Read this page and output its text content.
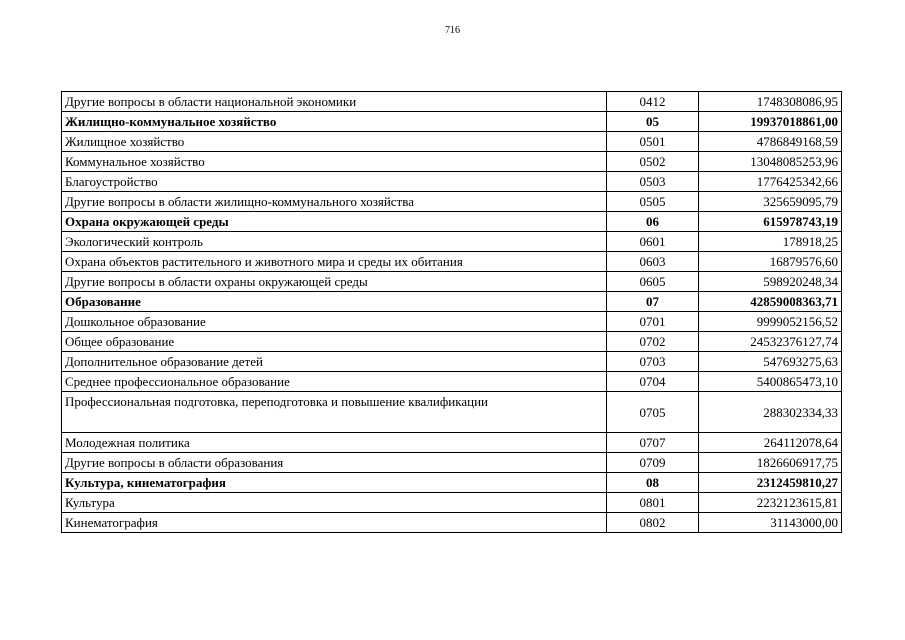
716
Другие вопросы в области национальной экономики	0412	1748308086,95
Жилищно-коммунальное хозяйство	05	19937018861,00
Жилищное хозяйство	0501	4786849168,59
Коммунальное хозяйство	0502	13048085253,96
Благоустройство	0503	1776425342,66
Другие вопросы в области жилищно-коммунального хозяйства	0505	325659095,79
Охрана окружающей среды	06	615978743,19
Экологический контроль	0601	178918,25
Охрана объектов растительного и животного мира и среды их обитания	0603	16879576,60
Другие вопросы в области охраны окружающей среды	0605	598920248,34
Образование	07	42859008363,71
Дошкольное образование	0701	9999052156,52
Общее образование	0702	24532376127,74
Дополнительное образование детей	0703	547693275,63
Среднее профессиональное образование	0704	5400865473,10
Профессиональная подготовка, переподготовка и повышение квалификации	0705	288302334,33
Молодежная политика	0707	264112078,64
Другие вопросы в области образования	0709	1826606917,75
Культура, кинематография	08	2312459810,27
Культура	0801	2232123615,81
Кинематография	0802	31143000,00
